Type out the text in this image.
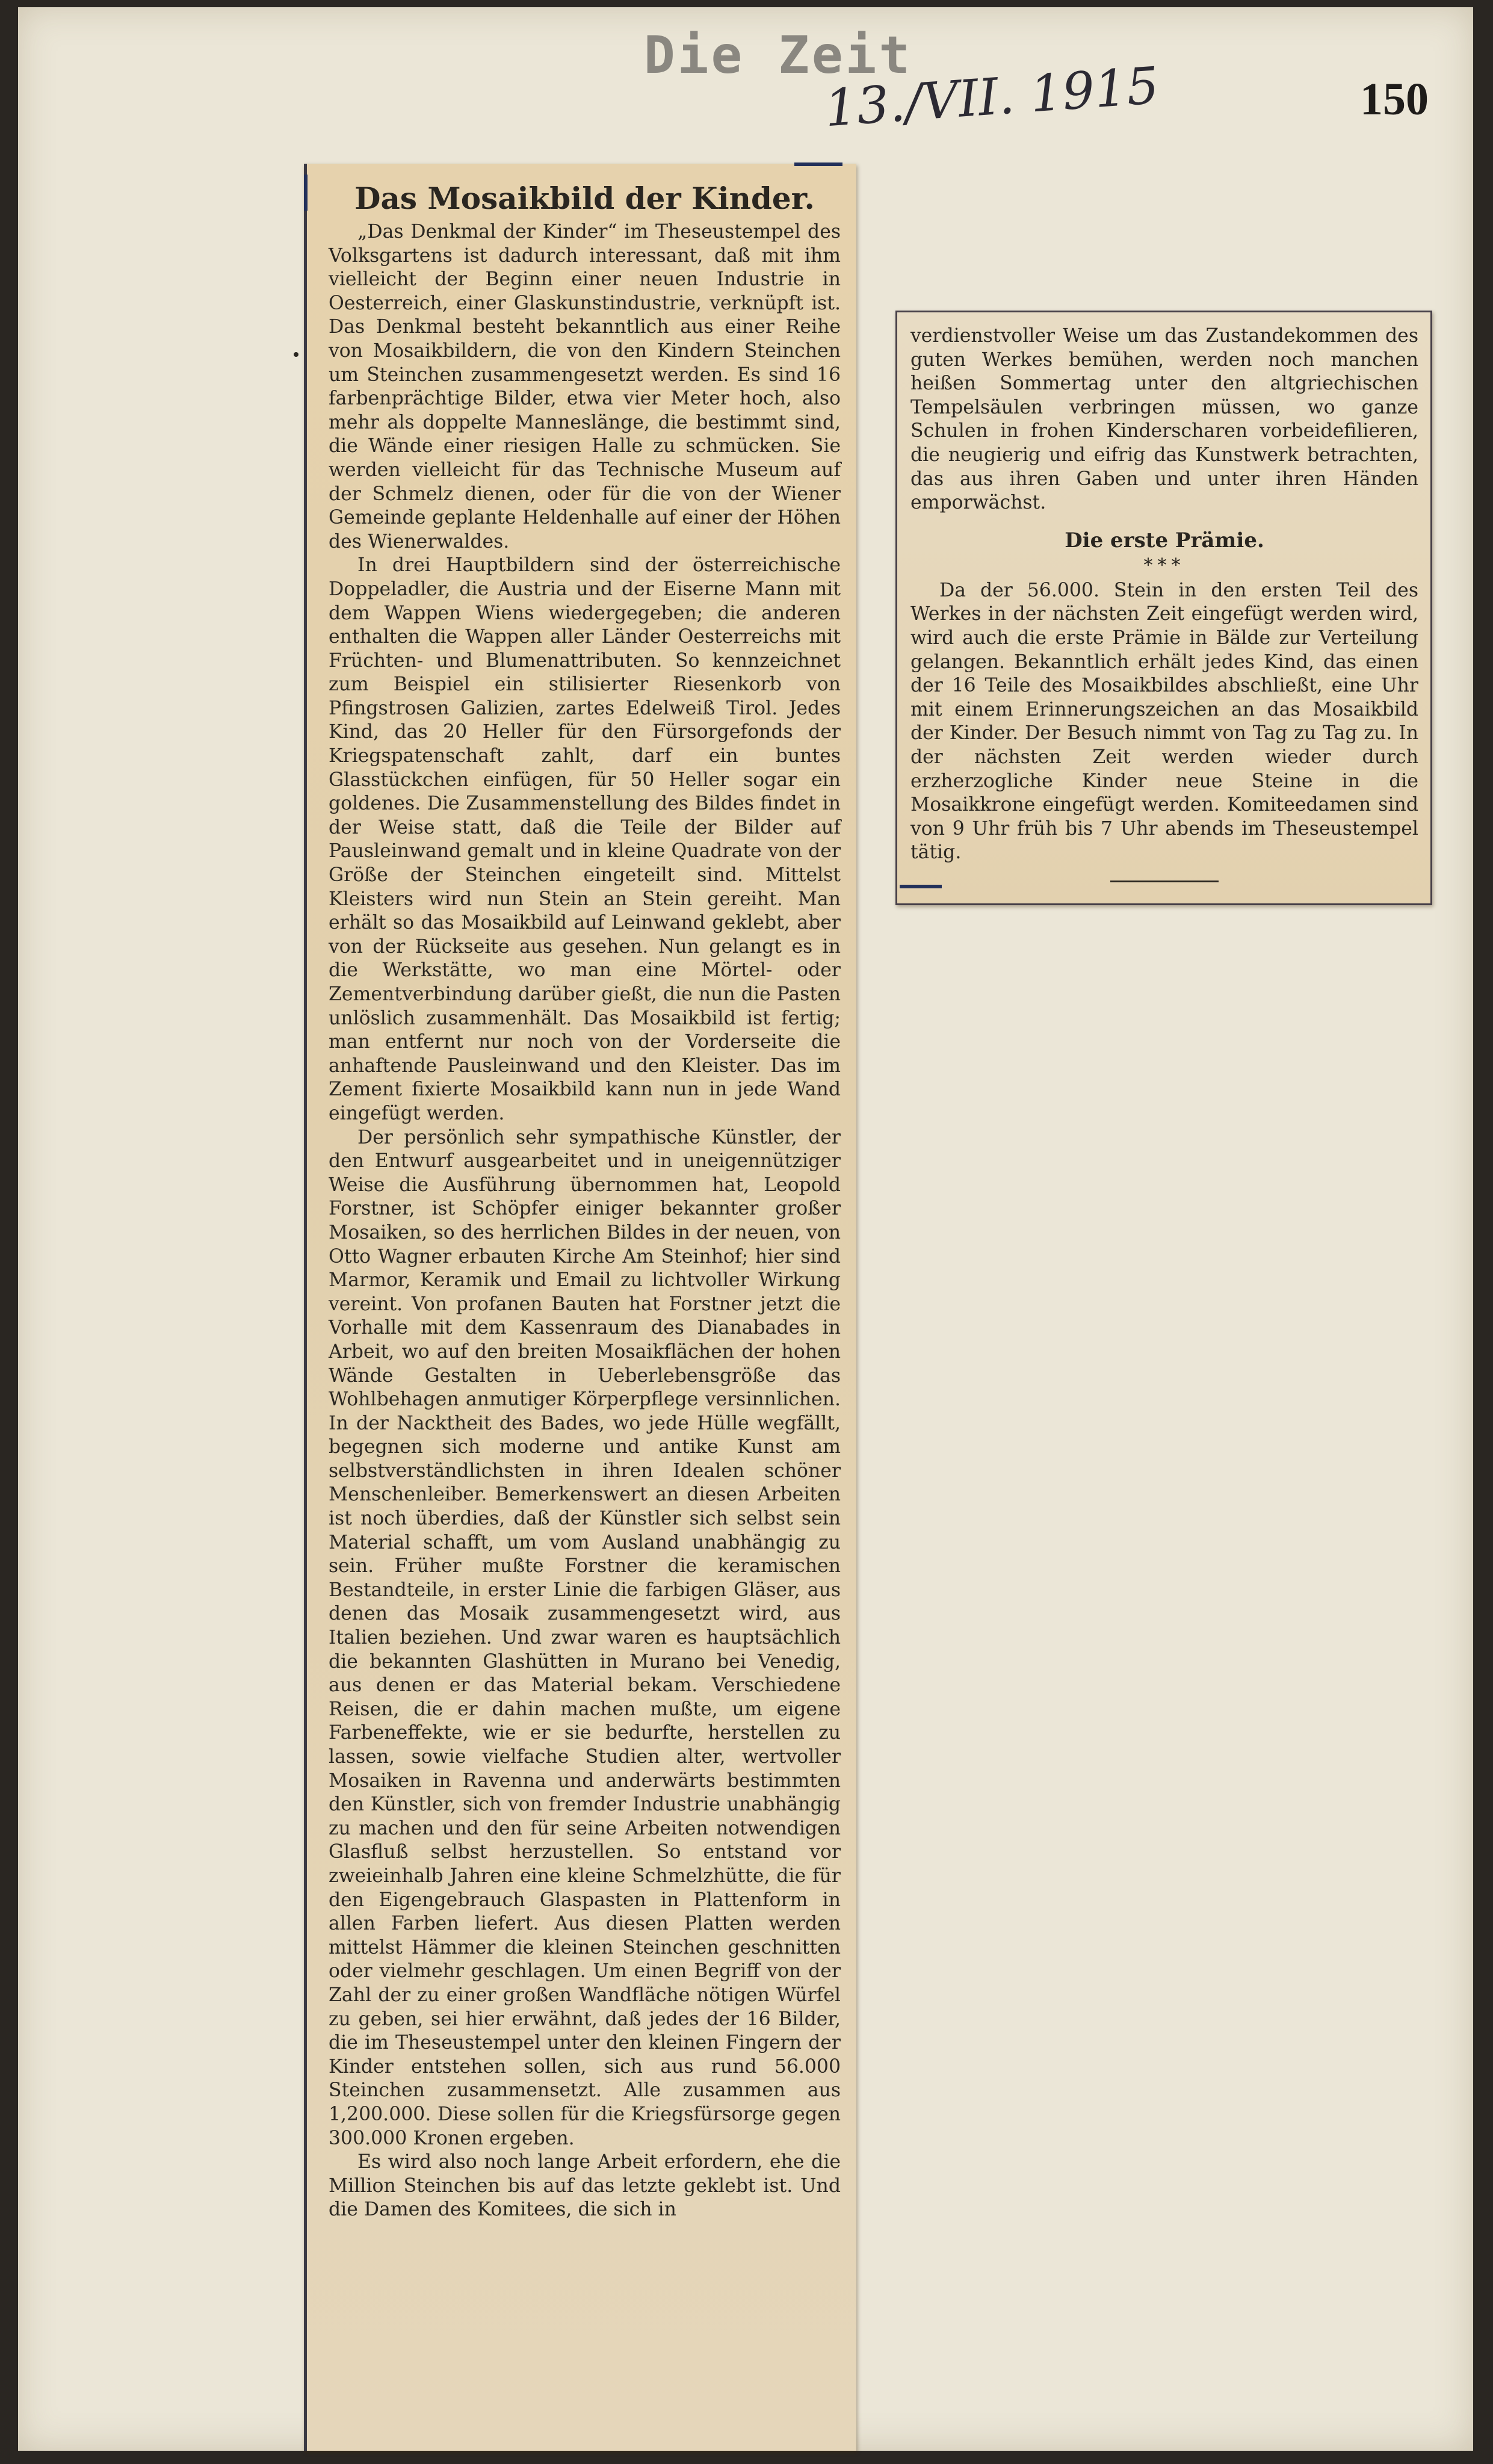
Die Zeit
13./VII. 1915	150
Das Mosaikbild der Kinder.

„Das Denkmal der Kinder“ im Theseustempel des Volksgartens ist dadurch interessant, daß mit ihm vielleicht der Beginn einer neuen Industrie in Oesterreich, einer Glaskunstindustrie, verknüpft ist. Das Denkmal besteht bekanntlich aus einer Reihe von Mosaikbildern, die von den Kindern Steinchen um Steinchen zusammengesetzt werden. Es sind 16 farbenprächtige Bilder, etwa vier Meter hoch, also mehr als doppelte Manneslänge, die bestimmt sind, die Wände einer riesigen Halle zu schmücken. Sie werden vielleicht für das Technische Museum auf der Schmelz dienen, oder für die von der Wiener Gemeinde geplante Heldenhalle auf einer der Höhen des Wienerwaldes.

In drei Hauptbildern sind der österreichische Doppeladler, die Austria und der Eiserne Mann mit dem Wappen Wiens wiedergegeben; die anderen enthalten die Wappen aller Länder Oesterreichs mit Früchten- und Blumenattributen. So kennzeichnet zum Beispiel ein stilisierter Riesenkorb von Pfingstrosen Galizien, zartes Edelweiß Tirol. Jedes Kind, das 20 Heller für den Fürsorgefonds der Kriegspatenschaft zahlt, darf ein buntes Glasstückchen einfügen, für 50 Heller sogar ein goldenes. Die Zusammenstellung des Bildes findet in der Weise statt, daß die Teile der Bilder auf Pausleinwand gemalt und in kleine Quadrate von der Größe der Steinchen eingeteilt sind. Mittelst Kleisters wird nun Stein an Stein gereiht. Man erhält so das Mosaikbild auf Leinwand geklebt, aber von der Rückseite aus gesehen. Nun gelangt es in die Werkstätte, wo man eine Mörtel- oder Zementverbindung darüber gießt, die nun die Pasten unlöslich zusammenhält. Das Mosaikbild ist fertig; man entfernt nur noch von der Vorderseite die anhaftende Pausleinwand und den Kleister. Das im Zement fixierte Mosaikbild kann nun in jede Wand eingefügt werden.

Der persönlich sehr sympathische Künstler, der den Entwurf ausgearbeitet und in uneigennütziger Weise die Ausführung übernommen hat, Leopold Forstner, ist Schöpfer einiger bekannter großer Mosaiken, so des herrlichen Bildes in der neuen, von Otto Wagner erbauten Kirche Am Steinhof; hier sind Marmor, Keramik und Email zu lichtvoller Wirkung vereint. Von profanen Bauten hat Forstner jetzt die Vorhalle mit dem Kassenraum des Dianabades in Arbeit, wo auf den breiten Mosaikflächen der hohen Wände Gestalten in Ueberlebensgröße das Wohlbehagen anmutiger Körperpflege versinnlichen. In der Nacktheit des Bades, wo jede Hülle wegfällt, begegnen sich moderne und antike Kunst am selbstverständlichsten in ihren Idealen schöner Menschenleiber. Bemerkenswert an diesen Arbeiten ist noch überdies, daß der Künstler sich selbst sein Material schafft, um vom Ausland unabhängig zu sein. Früher mußte Forstner die keramischen Bestandteile, in erster Linie die farbigen Gläser, aus denen das Mosaik zusammengesetzt wird, aus Italien beziehen. Und zwar waren es hauptsächlich die bekannten Glashütten in Murano bei Venedig, aus denen er das Material bekam. Verschiedene Reisen, die er dahin machen mußte, um eigene Farbeneffekte, wie er sie bedurfte, herstellen zu lassen, sowie vielfache Studien alter, wertvoller Mosaiken in Ravenna und anderwärts bestimmten den Künstler, sich von fremder Industrie unabhängig zu machen und den für seine Arbeiten notwendigen Glasfluß selbst herzustellen. So entstand vor zweieinhalb Jahren eine kleine Schmelzhütte, die für den Eigengebrauch Glaspasten in Plattenform in allen Farben liefert. Aus diesen Platten werden mittelst Hämmer die kleinen Steinchen geschnitten oder vielmehr geschlagen. Um einen Begriff von der Zahl der zu einer großen Wandfläche nötigen Würfel zu geben, sei hier erwähnt, daß jedes der 16 Bilder, die im Theseustempel unter den kleinen Fingern der Kinder entstehen sollen, sich aus rund 56.000 Steinchen zusammensetzt. Alle zusammen aus 1,200.000. Diese sollen für die Kriegsfürsorge gegen 300.000 Kronen ergeben.

Es wird also noch lange Arbeit erfordern, ehe die Million Steinchen bis auf das letzte geklebt ist. Und die Damen des Komitees, die sich in

verdienstvoller Weise um das Zustandekommen des guten Werkes bemühen, werden noch manchen heißen Sommertag unter den altgriechischen Tempelsäulen verbringen müssen, wo ganze Schulen in frohen Kinderscharen vorbeidefilieren, die neugierig und eifrig das Kunstwerk betrachten, das aus ihren Gaben und unter ihren Händen emporwächst.

Die erste Prämie.
***

Da der 56.000. Stein in den ersten Teil des Werkes in der nächsten Zeit eingefügt werden wird, wird auch die erste Prämie in Bälde zur Verteilung gelangen. Bekanntlich erhält jedes Kind, das einen der 16 Teile des Mosaikbildes abschließt, eine Uhr mit einem Erinnerungszeichen an das Mosaikbild der Kinder. Der Besuch nimmt von Tag zu Tag zu. In der nächsten Zeit werden wieder durch erzherzogliche Kinder neue Steine in die Mosaikkrone eingefügt werden. Komiteedamen sind von 9 Uhr früh bis 7 Uhr abends im Theseustempel tätig.
